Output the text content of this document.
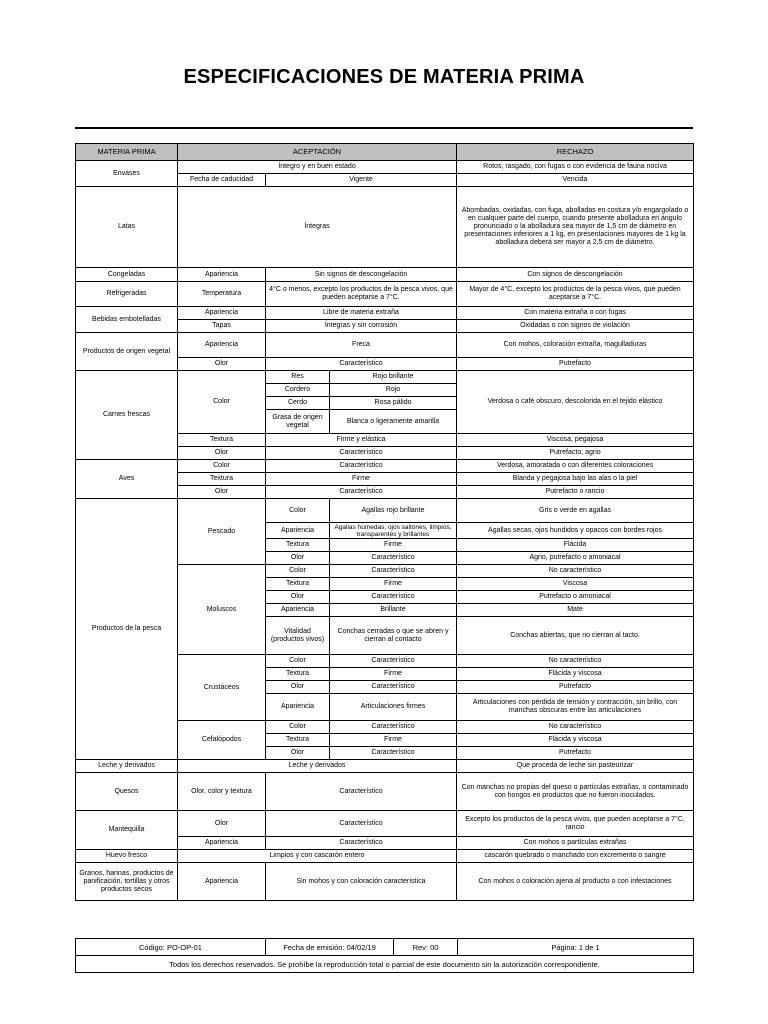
ESPECIFICACIONES DE MATERIA PRIMA
MATERIA PRIMA	ACEPTACIÓN			RECHAZO
Envases	Íntegro y en buen estado			Rotos, rasgado, con fugas o con evidencia de fauna nociva
	Fecha de caducidad	Vigente		Vencida
Latas	Íntegras			Abombadas, oxidadas, con fuga, abolladas en costura y/o engargolado o en cualquier parte del cuerpo, cuando presente abolladura en ángulo pronunciado o la abolladura sea mayor de 1,5 cm de diámetro en presentaciones inferiores a 1 kg, en presentaciones mayores de 1 kg la abolladura deberá ser mayor a 2,5 cm de diámetro.
Congeladas	Apariencia	Sin signos de descongelación		Con signos de descongelación
Refrigeradas	Temperatura	4°C o menos, excepto los productos de la pesca vivos, que pueden aceptarse a 7°C.		Mayor de 4°C, excepto los productos de la pesca vivos, que pueden aceptarse a 7°C.
Bebidas embotelladas	Apariencia	Libre de materia extraña		Con materia extraña o con fugas
	Tapas	Íntegras y sin corrosión		Oxidadas o con signos de violación
Productos de origen vegetal	Apariencia	Freca		Con mohos, coloración extraña, magulladuras
	Olor	Característico		Putrefacto
Carnes frescas	Color	Res	Rojo brillante	Verdosa o café obscuro, descolorida en el tejido elástico
		Cordero	Rojo	
		Cerdo	Rosa pálido	
		Grasa de origen vegetal	Blanca o ligeramente amarilla	
	Textura	Firme y elástica		Viscosa, pegajosa
	Olor	Característico		Putrefacto, agrio
Aves	Color	Característico		Verdosa, amoratada o con diferentes coloraciones
	Textura	Firme		Blanda y pegajosa bajo las alas o la piel
	Olor	Característico		Putrefacto o rancio
Productos de la pesca	Pescado	Color	Agallas rojo brillante	Gris o verde en agallas
		Apariencia	Agallas húmedas, ojos saltones, limpios, transparentes y brillantes	Agallas secas, ojos hundidos y opacos con bordes rojos
		Textura	Firme	Flácida
		Olor	Característico	Agrio, putrefacto o amoniacal
	Moluscos	Color	Característico	No característico
		Textura	Firme	Viscosa
		Olor	Característico	Putrefacto o amoniacal
		Apariencia	Brillante	Mate
		Vitalidad (productos vivos)	Conchas cerradas o que se abren y cierran al contacto	Conchas abiertas, que no cierran al tacto.
	Crustáceos	Color	Característico	No característico
		Textura	Firme	Flácida y viscosa
		Olor	Característico	Putrefacto
		Apariencia	Articulaciones firmes	Articulaciones con pérdida de tensión y contracción, sin brillo, con manchas obscuras entre las articulaciones
	Cefalópodos	Color	Característico	No característico
		Textura	Firme	Flácida y viscosa
		Olor	Característico	Putrefacto
Leche y derivados	Leche y derivados			Que proceda de leche sin pasteurizar
Quesos	Olor, color y textura	Característico		Con manchas no propias del queso o partículas extrañas, o contaminado con hongos en productos que no fueron inoculados.
Mantequilla	Olor	Característico		Excepto los productos de la pesca vivos, que pueden aceptarse a 7°C, rancio
	Apariencia	Característico		Con mohos o partículas extrañas
Huevo fresco	Limpios y con cascarón entero			cascarón quebrado o manchado con excremento o sangre
Granos, harinas, productos de panificación, tortillas y otros productos secos	Apariencia	Sin mohos y con coloración característica		Con mohos o coloración ajena al producto o con infestaciones
Código: PO-OP-01	Fecha de emisión: 04/02/19	Rev: 00	Página: 1 de 1
Todos los derechos reservados. Se prohíbe la reproducción total o parcial de este documento sin la autorización correspondiente.
